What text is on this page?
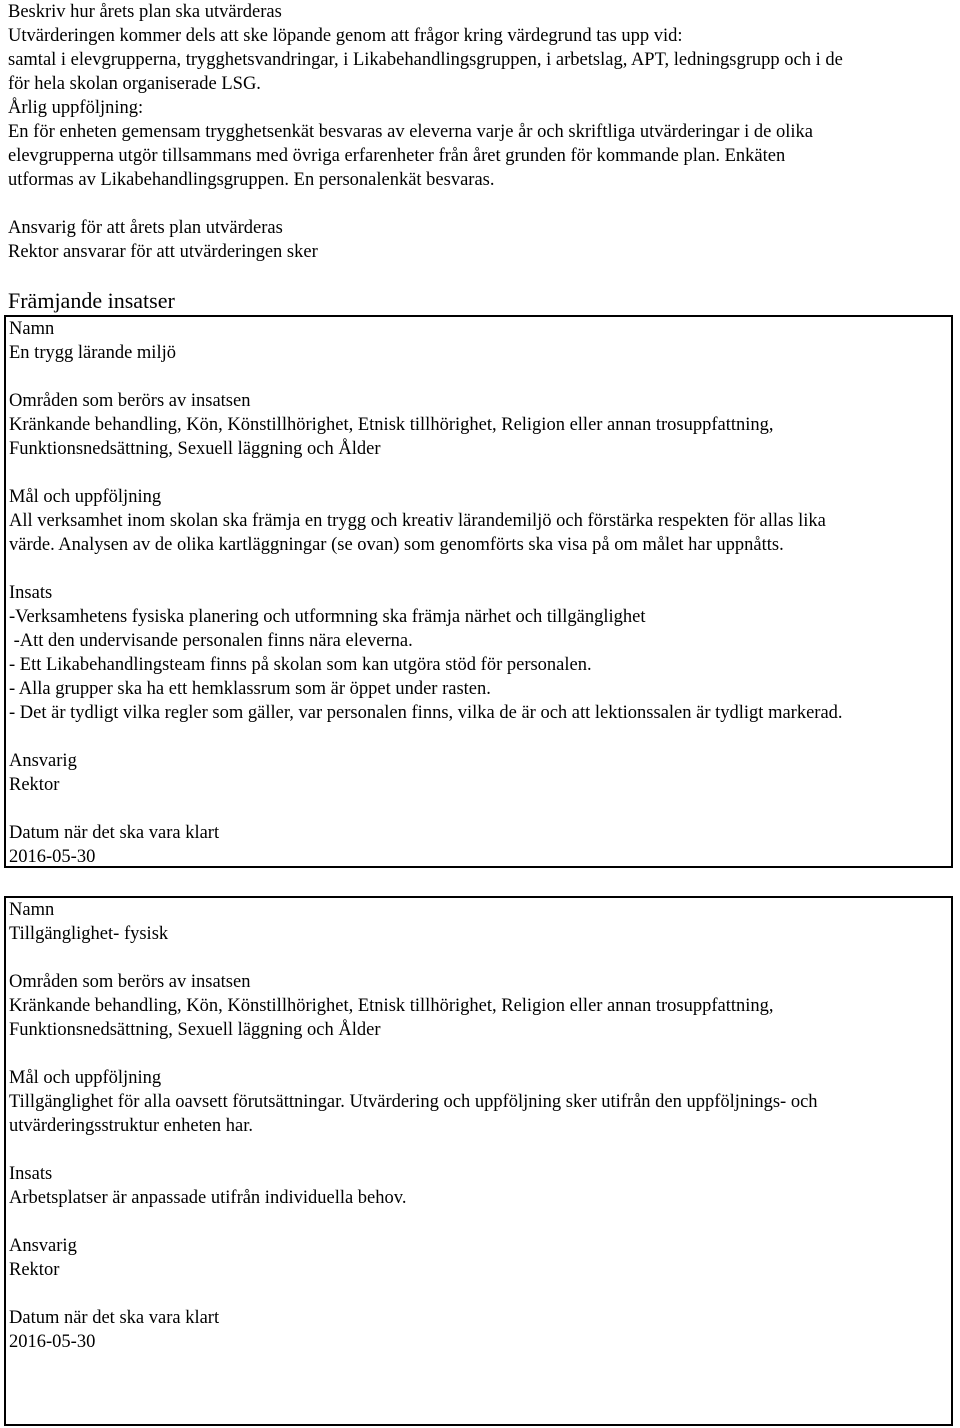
Beskriv hur årets plan ska utvärderas
Utvärderingen kommer dels att ske löpande genom att frågor kring värdegrund tas upp vid:
samtal i elevgrupperna, trygghetsvandringar, i Likabehandlingsgruppen, i arbetslag, APT, ledningsgrupp och i de
för hela skolan organiserade LSG.
Årlig uppföljning:
En för enheten gemensam trygghetsenkät besvaras av eleverna varje år och skriftliga utvärderingar i de olika
elevgrupperna utgör tillsammans med övriga erfarenheter från året grunden för kommande plan. Enkäten
utformas av Likabehandlingsgruppen. En personalenkät besvaras.
Ansvarig för att årets plan utvärderas
Rektor ansvarar för att utvärderingen sker
Främjande insatser
Namn
En trygg lärande miljö
Områden som berörs av insatsen
Kränkande behandling, Kön, Könstillhörighet, Etnisk tillhörighet, Religion eller annan trosuppfattning,
Funktionsnedsättning, Sexuell läggning och Ålder
Mål och uppföljning
All verksamhet inom skolan ska främja en trygg och kreativ lärandemiljö och förstärka respekten för allas lika
värde. Analysen av de olika kartläggningar (se ovan) som genomförts ska visa på om målet har uppnåtts.
Insats
-Verksamhetens fysiska planering och utformning ska främja närhet och tillgänglighet
-Att den undervisande personalen finns nära eleverna.
- Ett Likabehandlingsteam finns på skolan som kan utgöra stöd för personalen.
- Alla grupper ska ha ett hemklassrum som är öppet under rasten.
- Det är tydligt vilka regler som gäller, var personalen finns, vilka de är och att lektionssalen är tydligt markerad.
Ansvarig
Rektor
Datum när det ska vara klart
2016-05-30
Namn
Tillgänglighet- fysisk
Områden som berörs av insatsen
Kränkande behandling, Kön, Könstillhörighet, Etnisk tillhörighet, Religion eller annan trosuppfattning,
Funktionsnedsättning, Sexuell läggning och Ålder
Mål och uppföljning
Tillgänglighet för alla oavsett förutsättningar. Utvärdering och uppföljning sker utifrån den uppföljnings- och
utvärderingsstruktur enheten har.
Insats
Arbetsplatser är anpassade utifrån individuella behov.
Ansvarig
Rektor
Datum när det ska vara klart
2016-05-30
